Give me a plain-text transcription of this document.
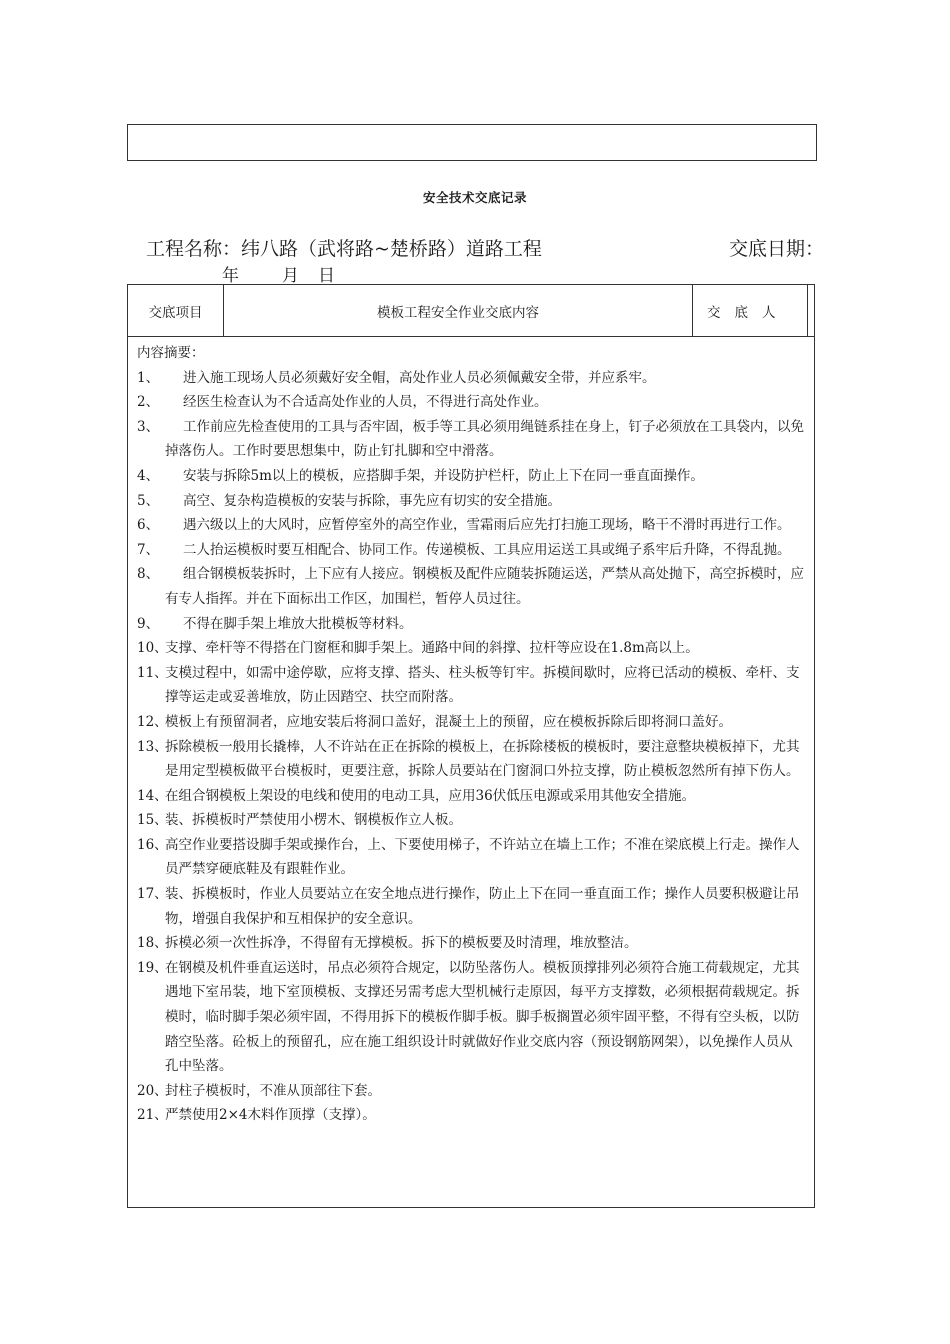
安全技术交底记录
工程名称：纬八路（武将路~楚桥路）道路工程	交底日期：
年	月 日
交底项目	模板工程安全作业交底内容	交底人
内容摘要：
1、	进入施工现场人员必须戴好安全帽，高处作业人员必须佩戴安全带，并应系牢。
2、	经医生检查认为不合适高处作业的人员，不得进行高处作业。
3、	工作前应先检查使用的工具与否牢固，板手等工具必须用绳链系挂在身上，钉子必须放在工具袋内，以免掉落伤人。工作时要思想集中，防止钉扎脚和空中滑落。
4、	安装与拆除5m以上的模板，应搭脚手架，并设防护栏杆，防止上下在同一垂直面操作。
5、	高空、复杂构造模板的安装与拆除，事先应有切实的安全措施。
6、	遇六级以上的大风时，应暂停室外的高空作业，雪霜雨后应先打扫施工现场，略干不滑时再进行工作。
7、	二人抬运模板时要互相配合、协同工作。传递模板、工具应用运送工具或绳子系牢后升降，不得乱抛。
8、	组合钢模板装拆时，上下应有人接应。钢模板及配件应随装拆随运送，严禁从高处抛下，高空拆模时，应有专人指挥。并在下面标出工作区，加围栏，暂停人员过往。
9、	不得在脚手架上堆放大批模板等材料。
10、
支撑、牵杆等不得搭在门窗框和脚手架上。通路中间的斜撑、拉杆等应设在1.8m高以上。
11、
支模过程中，如需中途停歇，应将支撑、搭头、柱头板等钉牢。拆模间歇时，应将已活动的模板、牵杆、支撑等运走或妥善堆放，防止因踏空、扶空而附落。
12、
模板上有预留洞者，应地安装后将洞口盖好，混凝土上的预留，应在模板拆除后即将洞口盖好。
13、
拆除模板一般用长撬棒，人不许站在正在拆除的模板上，在拆除楼板的模板时，要注意整块模板掉下，尤其是用定型模板做平台模板时，更要注意，拆除人员要站在门窗洞口外拉支撑，防止模板忽然所有掉下伤人。
14、
在组合钢模板上架设的电线和使用的电动工具，应用36伏低压电源或采用其他安全措施。
15、
装、拆模板时严禁使用小楞木、钢模板作立人板。
16、
高空作业要搭设脚手架或操作台，上、下要使用梯子，不许站立在墙上工作；不准在梁底模上行走。操作人员严禁穿硬底鞋及有跟鞋作业。
17、
装、拆模板时，作业人员要站立在安全地点进行操作，防止上下在同一垂直面工作；操作人员要积极避让吊物，增强自我保护和互相保护的安全意识。
18、
拆模必须一次性拆净，不得留有无撑模板。拆下的模板要及时清理，堆放整洁。
19、
在钢模及机件垂直运送时，吊点必须符合规定，以防坠落伤人。模板顶撑排列必须符合施工荷载规定，尤其遇地下室吊装，地下室顶模板、支撑还另需考虑大型机械行走原因，每平方支撑数，必须根据荷载规定。拆模时，临时脚手架必须牢固，不得用拆下的模板作脚手板。脚手板搁置必须牢固平整，不得有空头板，以防踏空坠落。砼板上的预留孔，应在施工组织设计时就做好作业交底内容（预设钢筋网架），以免操作人员从孔中坠落。
20、
封柱子模板时，不准从顶部往下套。
21、
严禁使用2×4木料作顶撑（支撑）。
